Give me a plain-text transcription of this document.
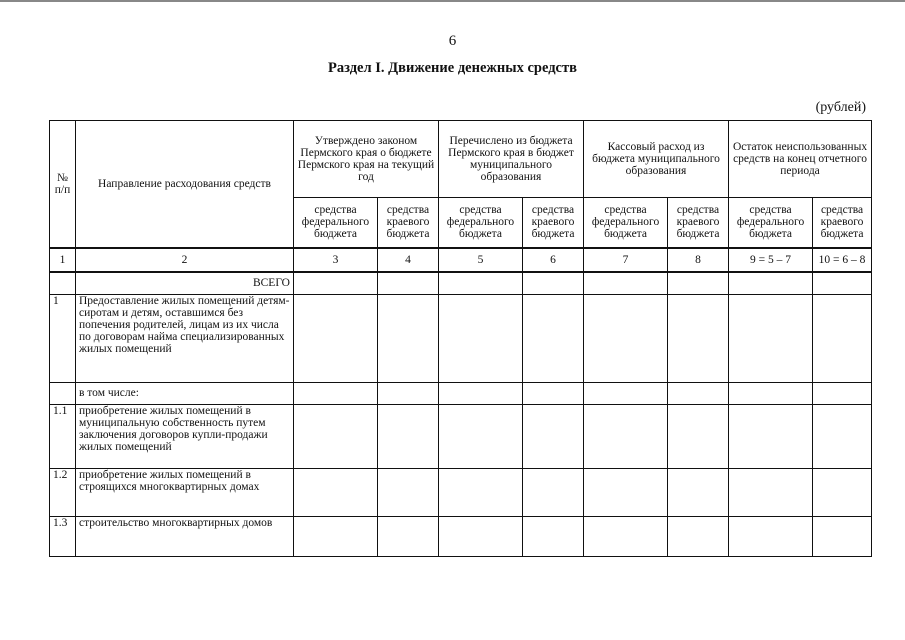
6
Раздел I. Движение денежных средств
(рублей)
№ п/п	Направление расходования средств	Утверждено законом Пермского края о бюджете Пермского края на текущий год		Перечислено из бюджета Пермского края в бюджет муниципального образования		Кассовый расход из бюджета муниципального образования		Остаток неиспользованных средств на конец отчетного периода	
		средства федерального бюджета	средства краевого бюджета	средства федерального бюджета	средства краевого бюджета	средства федерального бюджета	средства краевого бюджета	средства федерального бюджета	средства краевого бюджета
1	2	3	4	5	6	7	8	9 = 5 – 7	10 = 6 – 8
	ВСЕГО								
1	Предоставление жилых помещений детям-сиротам и детям, оставшимся без попечения родителей, лицам из их числа по договорам найма специализированных жилых помещений								
	в том числе:								
1.1	приобретение жилых помещений в муниципальную собственность путем заключения договоров купли-продажи жилых помещений								
1.2	приобретение жилых помещений в строящихся многоквартирных домах								
1.3	строительство многоквартирных домов								
